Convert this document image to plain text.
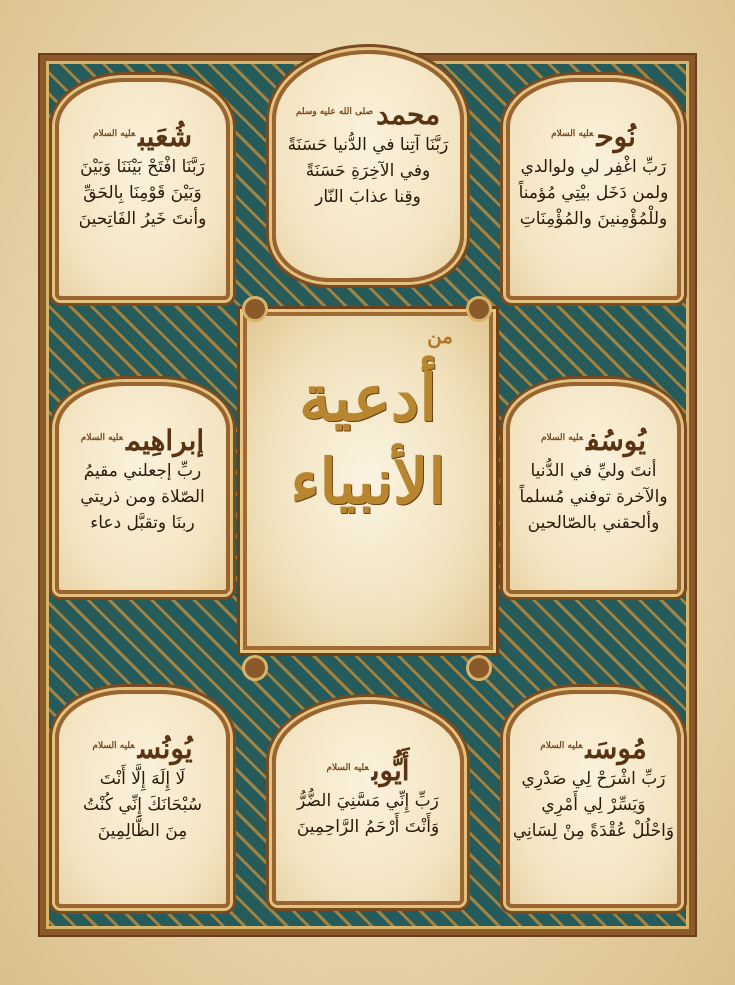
شُعَيب$^{عليه السلام}$
رَبَّنَا افْتَحْ بَيْنَنَا وَبَيْنَ
وَبَيْنَ قَوْمِنَا بِالحَقِّ
وأنتَ خَيرُ الفَاتِحينَ
محمد$^{صلى الله عليه وسلم}$
رَبَّنَا آتِنا في الدُّنيا حَسَنَةً
وفي الآخِرَةِ حَسَنَةً
وقِنا عذابَ النّار
نُوح$^{عليه السلام}$
رَبِّ اغْفِر لي ولوالدي
ولمن دَخَل بيْتِي مُؤمناً
وللْمُؤْمِنينَ والمُؤْمِنَاتِ
إبراهِيم$^{عليه السلام}$
ربِّ إجعلني مقيمُ
الصّلاة ومن ذريتي
ربنَا وتقبَّل دعاء
من
أدعية
الأنبياء
يُوسُف$^{عليه السلام}$
أنتَ وليِّ في الدُّنيا
والآخرة توفني مُسلماً
وألحقني بالصّالحين
يُونُس$^{عليه السلام}$
لَا إِلَهَ إِلَّا أَنْتَ
سُبْحَانَكَ إِنِّي كُنْتُ
مِنَ الظَّالِمِينَ
أَيُّوب$^{عليه السلام}$
رَبِّ إِنِّي مَسَّنِيَ الضُّرُّ
وَأَنْتَ أَرْحَمُ الرَّاحِمِينَ
مُوسَى$^{عليه السلام}$
رَبِّ اشْرَحْ لِي صَدْرِي
وَيَسِّرْ لِي أَمْرِي
وَاحْلُلْ عُقْدَةً مِنْ لِسَانِي
